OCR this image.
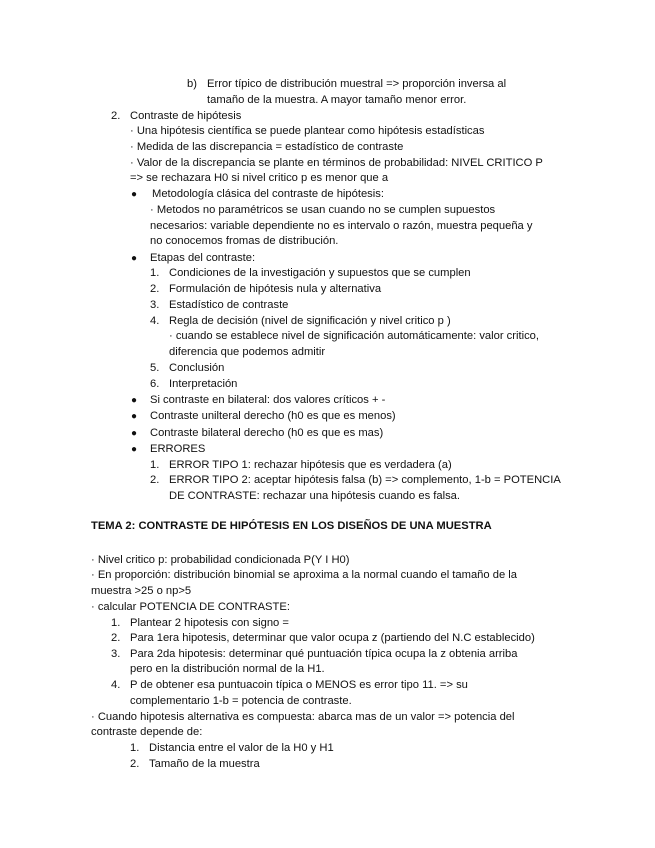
b) Error típico de distribución muestral => proporción inversa al
tamaño de la muestra. A mayor tamaño menor error.
2. Contraste de hipótesis
· Una hipótesis científica se puede plantear como hipótesis estadísticas
· Medida de las discrepancia = estadístico de contraste
· Valor de la discrepancia se plante en términos de probabilidad: NIVEL CRITICO P
=> se rechazara H0 si nivel critico p es menor que a
● Metodología clásica del contraste de hipótesis:
· Metodos no paramétricos se usan cuando no se cumplen supuestos
necesarios: variable dependiente no es intervalo o razón, muestra pequeña y
no conocemos fromas de distribución.
● Etapas del contraste:
1. Condiciones de la investigación y supuestos que se cumplen
2. Formulación de hipótesis nula y alternativa
3. Estadístico de contraste
4. Regla de decisión (nivel de significación y nivel critico p )
· cuando se establece nivel de significación automáticamente: valor critico,
diferencia que podemos admitir
5. Conclusión
6. Interpretación
● Si contraste en bilateral: dos valores críticos + -
● Contraste unilteral derecho (h0 es que es menos)
● Contraste bilateral derecho (h0 es que es mas)
● ERRORES
1. ERROR TIPO 1: rechazar hipótesis que es verdadera (a)
2. ERROR TIPO 2: aceptar hipótesis falsa (b) => complemento, 1-b = POTENCIA
DE CONTRASTE: rechazar una hipótesis cuando es falsa.
TEMA 2: CONTRASTE DE HIPÓTESIS EN LOS DISEÑOS DE UNA MUESTRA
· Nivel critico p: probabilidad condicionada P(Y I H0)
· En proporción: distribución binomial se aproxima a la normal cuando el tamaño de la
muestra >25 o np>5
· calcular POTENCIA DE CONTRASTE:
1. Plantear 2 hipotesis con signo =
2. Para 1era hipotesis, determinar que valor ocupa z (partiendo del N.C establecido)
3. Para 2da hipotesis: determinar qué puntuación típica ocupa la z obtenia arriba
pero en la distribución normal de la H1.
4. P de obtener esa puntuacoin típica o MENOS es error tipo 11. => su
complementario 1-b = potencia de contraste.
· Cuando hipotesis alternativa es compuesta: abarca mas de un valor => potencia del
contraste depende de:
1. Distancia entre el valor de la H0 y H1
2. Tamaño de la muestra
